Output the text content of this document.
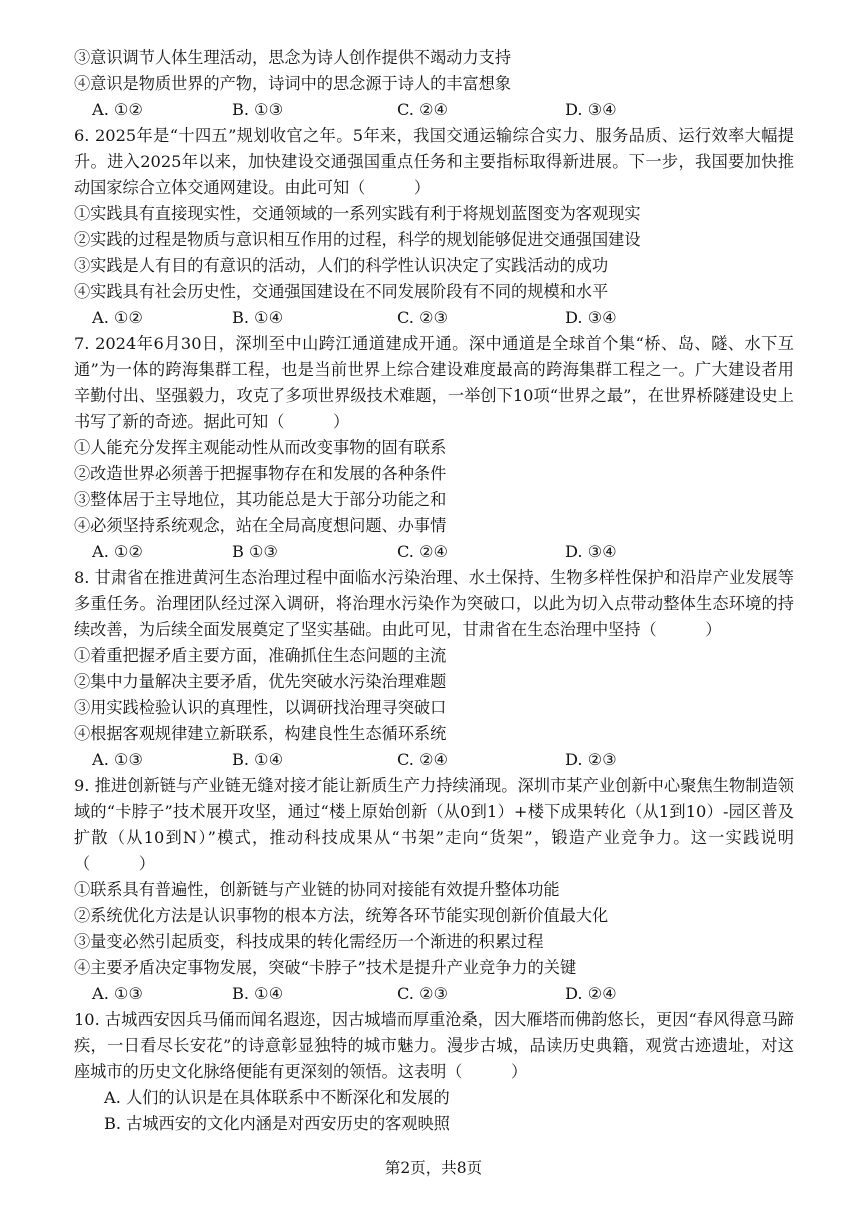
③意识调节人体生理活动，思念为诗人创作提供不竭动力支持
④意识是物质世界的产物，诗词中的思念源于诗人的丰富想象
A. ①②	B. ①③	C. ②④	D. ③④

6. 2025年是“十四五”规划收官之年。5年来，我国交通运输综合实力、服务品质、运行效率大幅提升。进入2025年以来，加快建设交通强国重点任务和主要指标取得新进展。下一步，我国要加快推动国家综合立体交通网建设。由此可知（　　　）

①实践具有直接现实性，交通领域的一系列实践有利于将规划蓝图变为客观现实
②实践的过程是物质与意识相互作用的过程，科学的规划能够促进交通强国建设
③实践是人有目的有意识的活动，人们的科学性认识决定了实践活动的成功
④实践具有社会历史性，交通强国建设在不同发展阶段有不同的规模和水平
A. ①②	B. ①④	C. ②③	D. ③④

7. 2024年6月30日，深圳至中山跨江通道建成开通。深中通道是全球首个集“桥、岛、隧、水下互通”为一体的跨海集群工程，也是当前世界上综合建设难度最高的跨海集群工程之一。广大建设者用辛勤付出、坚强毅力，攻克了多项世界级技术难题，一举创下10项“世界之最”，在世界桥隧建设史上书写了新的奇迹。据此可知（　　　）

①人能充分发挥主观能动性从而改变事物的固有联系
②改造世界必须善于把握事物存在和发展的各种条件
③整体居于主导地位，其功能总是大于部分功能之和
④必须坚持系统观念，站在全局高度想问题、办事情
A. ①②	B ①③	C. ②④	D. ③④

8. 甘肃省在推进黄河生态治理过程中面临水污染治理、水土保持、生物多样性保护和沿岸产业发展等多重任务。治理团队经过深入调研，将治理水污染作为突破口，以此为切入点带动整体生态环境的持续改善，为后续全面发展奠定了坚实基础。由此可见，甘肃省在生态治理中坚持（　　　）

①着重把握矛盾主要方面，准确抓住生态问题的主流
②集中力量解决主要矛盾，优先突破水污染治理难题
③用实践检验认识的真理性，以调研找治理寻突破口
④根据客观规律建立新联系，构建良性生态循环系统
A. ①③	B. ①④	C. ②④	D. ②③

9. 推进创新链与产业链无缝对接才能让新质生产力持续涌现。深圳市某产业创新中心聚焦生物制造领域的“卡脖子”技术展开攻坚，通过“楼上原始创新（从0到1）+楼下成果转化（从1到10）-园区普及扩散（从10到N）”模式，推动科技成果从“书架”走向“货架”，锻造产业竞争力。这一实践说明（　　　）

①联系具有普遍性，创新链与产业链的协同对接能有效提升整体功能
②系统优化方法是认识事物的根本方法，统筹各环节能实现创新价值最大化
③量变必然引起质变，科技成果的转化需经历一个渐进的积累过程
④主要矛盾决定事物发展，突破“卡脖子”技术是提升产业竞争力的关键
A. ①③	B. ①④	C. ②③	D. ②④

10. 古城西安因兵马俑而闻名遐迩，因古城墙而厚重沧桑，因大雁塔而佛韵悠长，更因“春风得意马蹄疾，一日看尽长安花”的诗意彰显独特的城市魅力。漫步古城，品读历史典籍，观赏古迹遗址，对这座城市的历史文化脉络便能有更深刻的领悟。这表明（　　　）

A. 人们的认识是在具体联系中不断深化和发展的
B. 古城西安的文化内涵是对西安历史的客观映照
第2页，共8页
